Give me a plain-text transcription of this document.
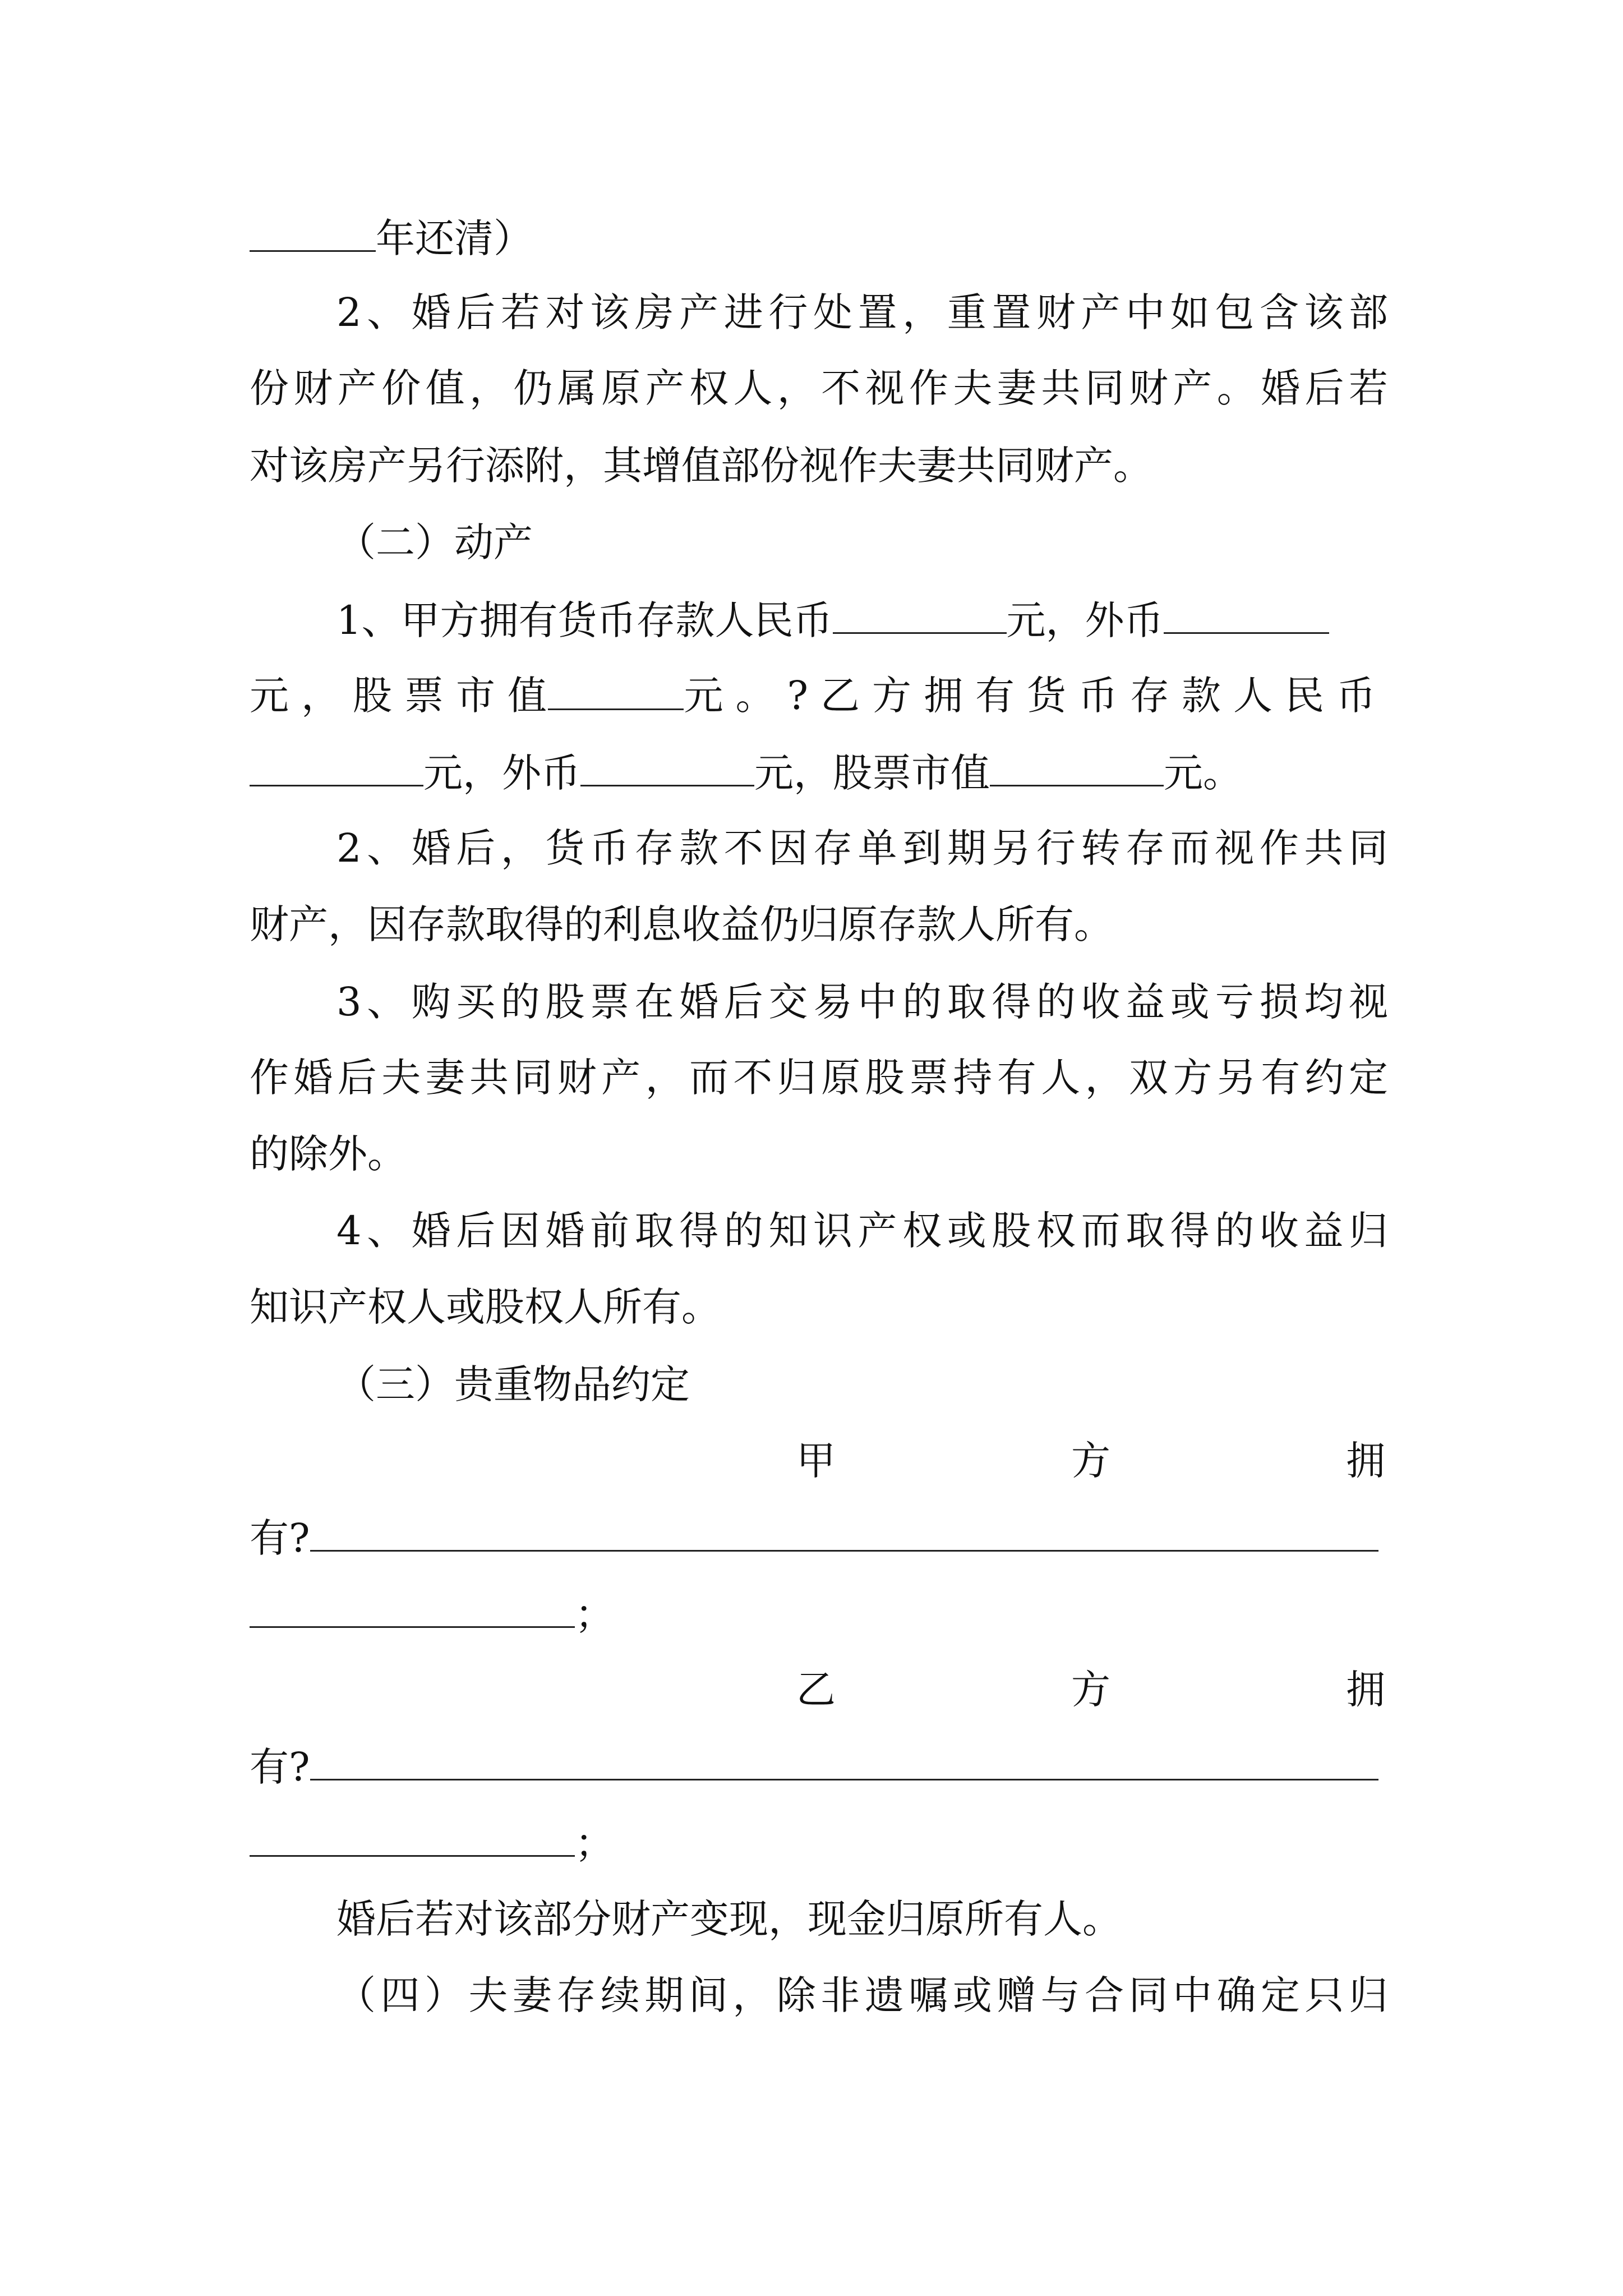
年还清）
2、婚后若对该房产进行处置，重置财产中如包含该部
份财产价值，仍属原产权人，不视作夫妻共同财产。婚后若
对该房产另行添附，其增值部份视作夫妻共同财产。
（二）动产
1、甲方拥有货币存款人民币	元，外币
元，股票市值	元。?乙方拥有货币存款人民币
元，外币	元，股票市值	元。
2、婚后，货币存款不因存单到期另行转存而视作共同
财产，因存款取得的利息收益仍归原存款人所有。
3、购买的股票在婚后交易中的取得的收益或亏损均视
作婚后夫妻共同财产，而不归原股票持有人，双方另有约定
的除外。
4、婚后因婚前取得的知识产权或股权而取得的收益归
知识产权人或股权人所有。
（三）贵重物品约定
甲	方	拥
有?
；
乙	方	拥
有?
；
婚后若对该部分财产变现，现金归原所有人。
（四）夫妻存续期间，除非遗嘱或赠与合同中确定只归
